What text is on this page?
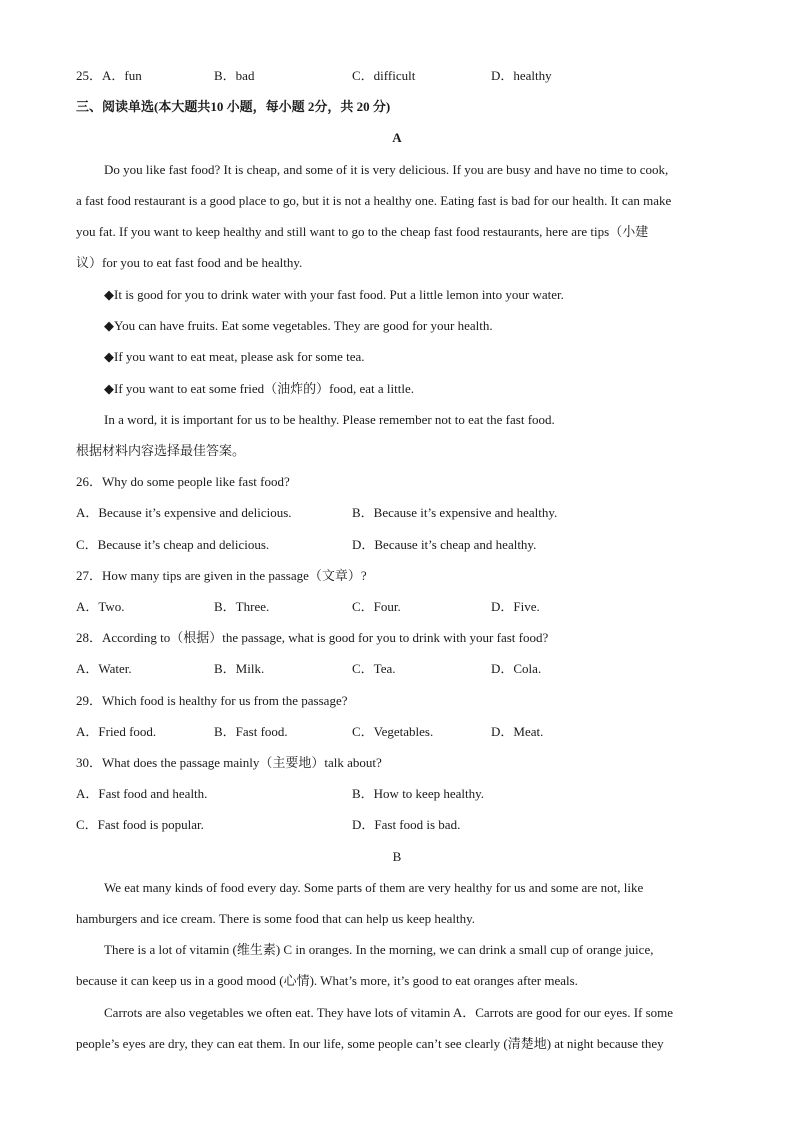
25．A．fun	B．bad	C．difficult	D．healthy
三、阅读单选(本大题共10 小题，每小题 2分，共 20 分)
A
Do you like fast food? It is cheap, and some of it is very delicious. If you are busy and have no time to cook,
a fast food restaurant is a good place to go, but it is not a healthy one. Eating fast is bad for our health. It can make
you fat. If you want to keep healthy and still want to go to the cheap fast food restaurants, here are tips（小建
议）for you to eat fast food and be healthy.
◆It is good for you to drink water with your fast food. Put a little lemon into your water.
◆You can have fruits. Eat some vegetables. They are good for your health.
◆If you want to eat meat, please ask for some tea.
◆If you want to eat some fried（油炸的）food, eat a little.
In a word, it is important for us to be healthy. Please remember not to eat the fast food.
根据材料内容选择最佳答案。
26．Why do some people like fast food?
A．Because it’s expensive and delicious.	B．Because it’s expensive and healthy.
C．Because it’s cheap and delicious.	D．Because it’s cheap and healthy.
27．How many tips are given in the passage（文章）?
A．Two.	B．Three.	C．Four.	D．Five.
28．According to（根据）the passage, what is good for you to drink with your fast food?
A．Water.	B．Milk.	C．Tea.	D．Cola.
29．Which food is healthy for us from the passage?
A．Fried food.	B．Fast food.	C．Vegetables.	D．Meat.
30．What does the passage mainly（主要地）talk about?
A．Fast food and health.	B．How to keep healthy.
C．Fast food is popular.	D．Fast food is bad.
B
We eat many kinds of food every day. Some parts of them are very healthy for us and some are not, like
hamburgers and ice cream. There is some food that can help us keep healthy.
There is a lot of vitamin (维生素) C in oranges. In the morning, we can drink a small cup of orange juice,
because it can keep us in a good mood (心情). What’s more, it’s good to eat oranges after meals.
Carrots are also vegetables we often eat. They have lots of vitamin A．Carrots are good for our eyes. If some
people’s eyes are dry, they can eat them. In our life, some people can’t see clearly (清楚地) at night because they
